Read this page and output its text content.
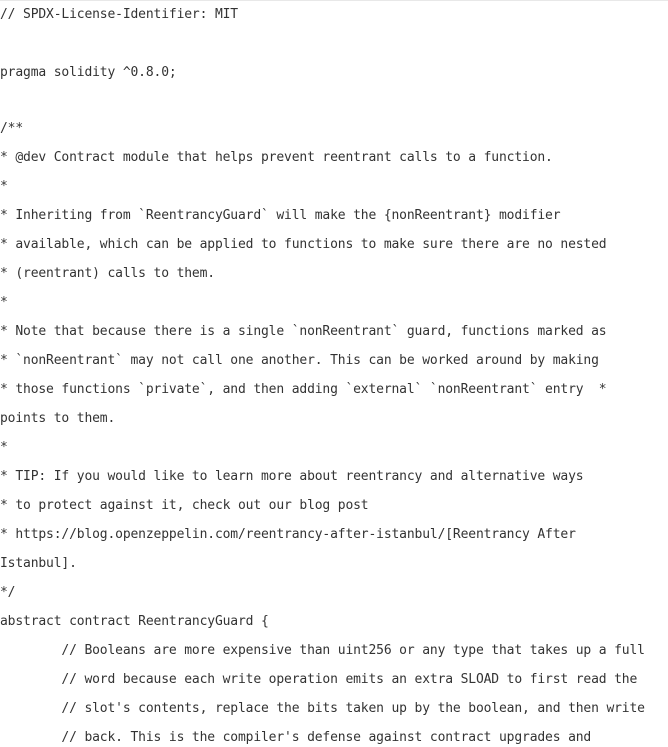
// SPDX-License-Identifier: MIT
pragma solidity ^0.8.0;
/**
* @dev Contract module that helps prevent reentrant calls to a function.
*
* Inheriting from `ReentrancyGuard` will make the {nonReentrant} modifier
* available, which can be applied to functions to make sure there are no nested
* (reentrant) calls to them.
*
* Note that because there is a single `nonReentrant` guard, functions marked as
* `nonReentrant` may not call one another. This can be worked around by making
* those functions `private`, and then adding `external` `nonReentrant` entry  *
points to them.
*
* TIP: If you would like to learn more about reentrancy and alternative ways
* to protect against it, check out our blog post
* https://blog.openzeppelin.com/reentrancy-after-istanbul/[Reentrancy After
Istanbul].
*/
abstract contract ReentrancyGuard {
// Booleans are more expensive than uint256 or any type that takes up a full
// word because each write operation emits an extra SLOAD to first read the
// slot's contents, replace the bits taken up by the boolean, and then write
// back. This is the compiler's defense against contract upgrades and
